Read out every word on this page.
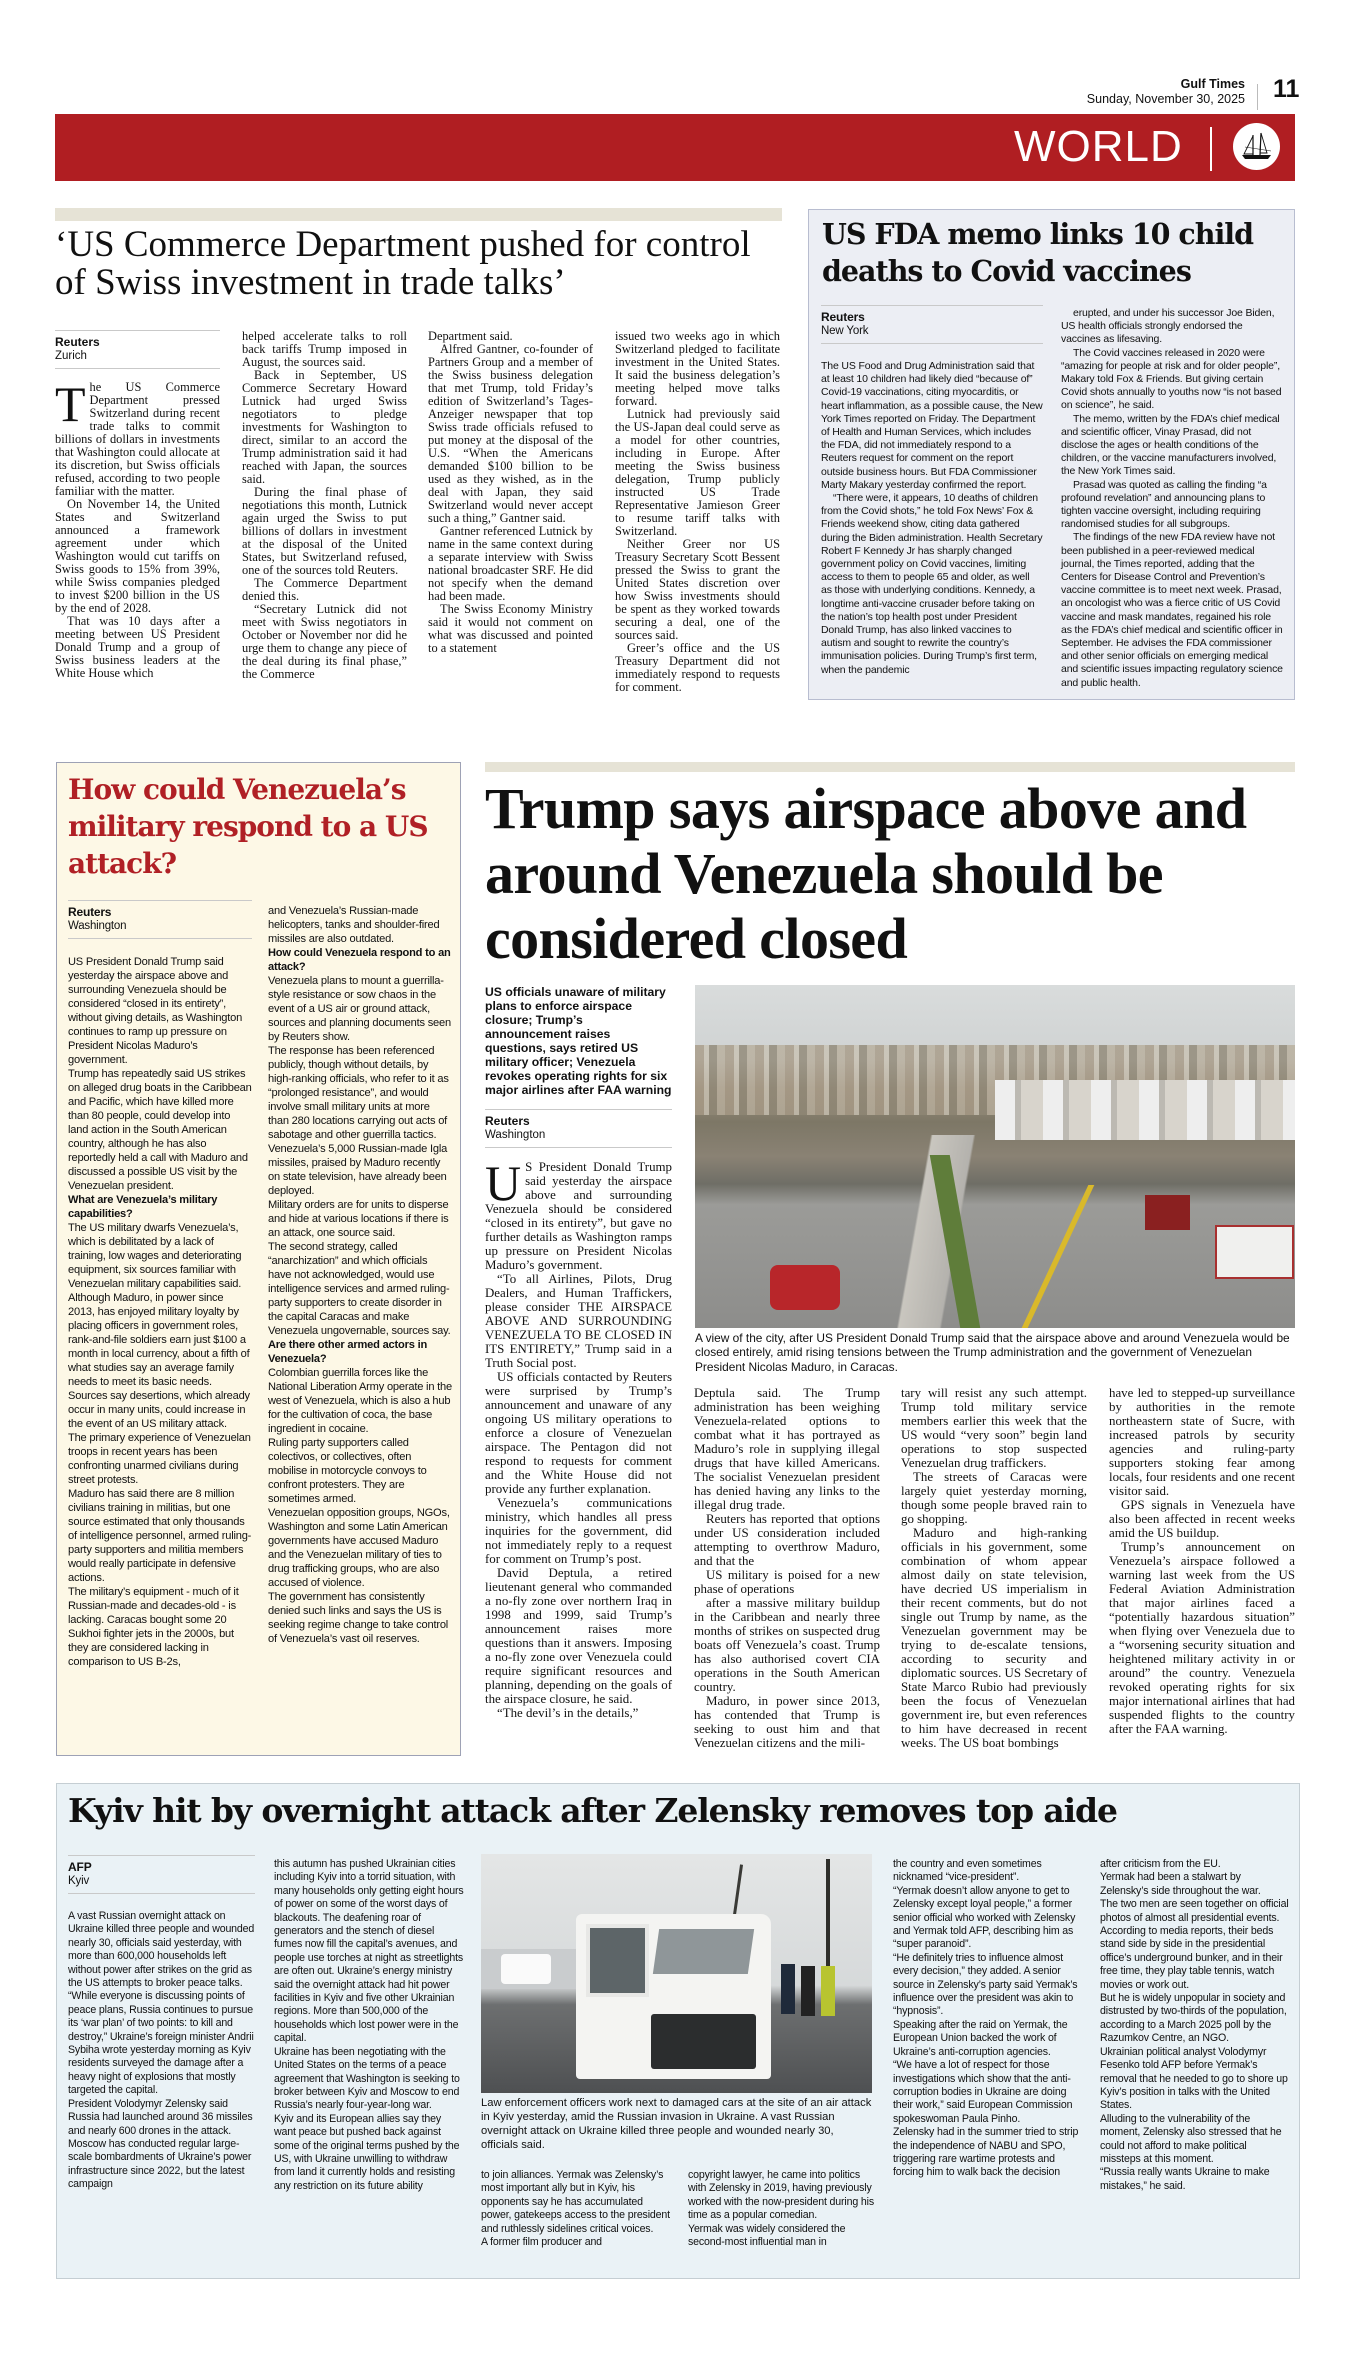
Gulf Times
Sunday, November 30, 2025 11
WORLD
‘US Commerce Department pushed for control of Swiss investment in trade talks’
Reuters
Zurich

The US Commerce Department pressed Switzerland during recent trade talks to commit billions of dollars in investments that Washington could allocate at its discretion, but Swiss officials refused, according to two people familiar with the matter.

On November 14, the United States and Switzerland announced a framework agreement under which Washington would cut tariffs on Swiss goods to 15% from 39%, while Swiss companies pledged to invest $200 billion in the US by the end of 2028.

That was 10 days after a meeting between US President Donald Trump and a group of Swiss business leaders at the White House which

helped accelerate talks to roll back tariffs Trump imposed in August, the sources said.

Back in September, US Commerce Secretary Howard Lutnick had urged Swiss negotiators to pledge investments for Washington to direct, similar to an accord the Trump administration said it had reached with Japan, the sources said.

During the final phase of negotiations this month, Lutnick again urged the Swiss to put billions of dollars in investment at the disposal of the United States, but Switzerland refused, one of the sources told Reuters.

The Commerce Department denied this.

“Secretary Lutnick did not meet with Swiss negotiators in October or November nor did he urge them to change any piece of the deal during its final phase,” the Commerce

Department said.

Alfred Gantner, co-founder of Partners Group and a member of the Swiss business delegation that met Trump, told Friday’s edition of Switzerland’s Tages-Anzeiger newspaper that top Swiss trade officials refused to put money at the disposal of the U.S. “When the Americans demanded $100 billion to be used as they wished, as in the deal with Japan, they said Switzerland would never accept such a thing,” Gantner said.

Gantner referenced Lutnick by name in the same context during a separate interview with Swiss national broadcaster SRF. He did not specify when the demand had been made.

The Swiss Economy Ministry said it would not comment on what was discussed and pointed to a statement

issued two weeks ago in which Switzerland pledged to facilitate investment in the United States. It said the business delegation’s meeting helped move talks forward.

Lutnick had previously said the US-Japan deal could serve as a model for other countries, including in Europe. After meeting the Swiss business delegation, Trump publicly instructed US Trade Representative Jamieson Greer to resume tariff talks with Switzerland.

Neither Greer nor US Treasury Secretary Scott Bessent pressed the Swiss to grant the United States discretion over how Swiss investments should be spent as they worked towards securing a deal, one of the sources said.

Greer’s office and the US Treasury Department did not immediately respond to requests for comment.

US FDA memo links 10 child deaths to Covid vaccines
Reuters
New York

The US Food and Drug Administration said that at least 10 children had likely died “because of” Covid-19 vaccinations, citing myocarditis, or heart inflammation, as a possible cause, the New York Times reported on Friday. The Department of Health and Human Services, which includes the FDA, did not immediately respond to a Reuters request for comment on the report outside business hours. But FDA Commissioner Marty Makary yesterday confirmed the report.

“There were, it appears, 10 deaths of children from the Covid shots,” he told Fox News’ Fox & Friends weekend show, citing data gathered during the Biden administration. Health Secretary Robert F Kennedy Jr has sharply changed government policy on Covid vaccines, limiting access to them to people 65 and older, as well as those with underlying conditions. Kennedy, a longtime anti-vaccine crusader before taking on the nation’s top health post under President Donald Trump, has also linked vaccines to autism and sought to rewrite the country’s immunisation policies. During Trump’s first term, when the pandemic

erupted, and under his successor Joe Biden, US health officials strongly endorsed the vaccines as lifesaving.

The Covid vaccines released in 2020 were “amazing for people at risk and for older people”, Makary told Fox & Friends. But giving certain Covid shots annually to youths now “is not based on science”, he said.

The memo, written by the FDA’s chief medical and scientific officer, Vinay Prasad, did not disclose the ages or health conditions of the children, or the vaccine manufacturers involved, the New York Times said.

Prasad was quoted as calling the finding “a profound revelation” and announcing plans to tighten vaccine oversight, including requiring randomised studies for all subgroups.

The findings of the new FDA review have not been published in a peer-reviewed medical journal, the Times reported, adding that the Centers for Disease Control and Prevention’s vaccine committee is to meet next week. Prasad, an oncologist who was a fierce critic of US Covid vaccine and mask mandates, regained his role as the FDA’s chief medical and scientific officer in September. He advises the FDA commissioner and other senior officials on emerging medical and scientific issues impacting regulatory science and public health.

How could Venezuela’s military respond to a US attack?
Reuters
Washington

US President Donald Trump said yesterday the airspace above and surrounding Venezuela should be considered “closed in its entirety”, without giving details, as Washington continues to ramp up pressure on President Nicolas Maduro’s government.

Trump has repeatedly said US strikes on alleged drug boats in the Caribbean and Pacific, which have killed more than 80 people, could develop into land action in the South American country, although he has also reportedly held a call with Maduro and discussed a possible US visit by the Venezuelan president.

What are Venezuela’s military capabilities?

The US military dwarfs Venezuela’s, which is debilitated by a lack of training, low wages and deteriorating equipment, six sources familiar with Venezuelan military capabilities said.

Although Maduro, in power since 2013, has enjoyed military loyalty by placing officers in government roles, rank-and-file soldiers earn just $100 a month in local currency, about a fifth of what studies say an average family needs to meet its basic needs.

Sources say desertions, which already occur in many units, could increase in the event of an US military attack.

The primary experience of Venezuelan troops in recent years has been confronting unarmed civilians during street protests.

Maduro has said there are 8 million civilians training in militias, but one source estimated that only thousands of intelligence personnel, armed ruling-party supporters and militia members would really participate in defensive actions.

The military’s equipment - much of it Russian-made and decades-old - is lacking. Caracas bought some 20 Sukhoi fighter jets in the 2000s, but they are considered lacking in comparison to US B-2s,

and Venezuela’s Russian-made helicopters, tanks and shoulder-fired missiles are also outdated.

How could Venezuela respond to an attack?

Venezuela plans to mount a guerrilla-style resistance or sow chaos in the event of a US air or ground attack, sources and planning documents seen by Reuters show.

The response has been referenced publicly, though without details, by high-ranking officials, who refer to it as “prolonged resistance”, and would involve small military units at more than 280 locations carrying out acts of sabotage and other guerrilla tactics.

Venezuela’s 5,000 Russian-made Igla missiles, praised by Maduro recently on state television, have already been deployed.

Military orders are for units to disperse and hide at various locations if there is an attack, one source said.

The second strategy, called “anarchization” and which officials have not acknowledged, would use intelligence services and armed ruling-party supporters to create disorder in the capital Caracas and make Venezuela ungovernable, sources say.

Are there other armed actors in Venezuela?

Colombian guerrilla forces like the National Liberation Army operate in the west of Venezuela, which is also a hub for the cultivation of coca, the base ingredient in cocaine.

Ruling party supporters called colectivos, or collectives, often mobilise in motorcycle convoys to confront protesters. They are sometimes armed.

Venezuelan opposition groups, NGOs, Washington and some Latin American governments have accused Maduro and the Venezuelan military of ties to drug trafficking groups, who are also accused of violence.

The government has consistently denied such links and says the US is seeking regime change to take control of Venezuela’s vast oil reserves.

Trump says airspace above and around Venezuela should be considered closed
US officials unaware of military plans to enforce airspace closure; Trump’s announcement raises questions, says retired US military officer; Venezuela revokes operating rights for six major airlines after FAA warning
Reuters
Washington

US President Donald Trump said yesterday the airspace above and surrounding Venezuela should be considered “closed in its entirety”, but gave no further details as Washington ramps up pressure on President Nicolas Maduro’s government.

“To all Airlines, Pilots, Drug Dealers, and Human Traffickers, please consider THE AIRSPACE ABOVE AND SURROUNDING VENEZUELA TO BE CLOSED IN ITS ENTIRETY,” Trump said in a Truth Social post.

US officials contacted by Reuters were surprised by Trump’s announcement and unaware of any ongoing US military operations to enforce a closure of Venezuelan airspace. The Pentagon did not respond to requests for comment and the White House did not provide any further explanation.

Venezuela’s communications ministry, which handles all press inquiries for the government, did not immediately reply to a request for comment on Trump’s post.

David Deptula, a retired lieutenant general who commanded a no-fly zone over northern Iraq in 1998 and 1999, said Trump’s announcement raises more questions than it answers. Imposing a no-fly zone over Venezuela could require significant resources and planning, depending on the goals of the airspace closure, he said.

“The devil’s in the details,”

A view of the city, after US President Donald Trump said that the airspace above and around Venezuela would be closed entirely, amid rising tensions between the Trump administration and the government of Venezuelan President Nicolas Maduro, in Caracas.

Deptula said. The Trump administration has been weighing Venezuela-related options to combat what it has portrayed as Maduro’s role in supplying illegal drugs that have killed Americans. The socialist Venezuelan president has denied having any links to the illegal drug trade.

Reuters has reported that options under US consideration included attempting to overthrow Maduro, and that the

US military is poised for a new phase of operations

after a massive military buildup in the Caribbean and nearly three months of strikes on suspected drug boats off Venezuela’s coast. Trump has also authorised covert CIA operations in the South American country.

Maduro, in power since 2013, has contended that Trump is seeking to oust him and that Venezuelan citizens and the mili-

tary will resist any such attempt. Trump told military service members earlier this week that the US would “very soon” begin land operations to stop suspected Venezuelan drug traffickers.

The streets of Caracas were largely quiet yesterday morning, though some people braved rain to go shopping.

Maduro and high-ranking officials in his government, some combination of whom appear almost daily on state television, have decried US imperialism in their recent comments, but do not single out Trump by name, as the Venezuelan government may be trying to de-escalate tensions, according to security and diplomatic sources. US Secretary of State Marco Rubio had previously been the focus of Venezuelan government ire, but even references to him have decreased in recent weeks. The US boat bombings

have led to stepped-up surveillance by authorities in the remote northeastern state of Sucre, with increased patrols by security agencies and ruling-party supporters stoking fear among locals, four residents and one recent visitor said.

GPS signals in Venezuela have also been affected in recent weeks amid the US buildup.

Trump’s announcement on Venezuela’s airspace followed a warning last week from the US Federal Aviation Administration that major airlines faced a “potentially hazardous situation” when flying over Venezuela due to a “worsening security situation and heightened military activity in or around” the country. Venezuela revoked operating rights for six major international airlines that had suspended flights to the country after the FAA warning.

Kyiv hit by overnight attack after Zelensky removes top aide
AFP
Kyiv

A vast Russian overnight attack on Ukraine killed three people and wounded nearly 30, officials said yesterday, with more than 600,000 households left without power after strikes on the grid as the US attempts to broker peace talks. “While everyone is discussing points of peace plans, Russia continues to pursue its ‘war plan’ of two points: to kill and destroy,” Ukraine’s foreign minister Andrii Sybiha wrote yesterday morning as Kyiv residents surveyed the damage after a heavy night of explosions that mostly targeted the capital.

President Volodymyr Zelensky said Russia had launched around 36 missiles and nearly 600 drones in the attack.

Moscow has conducted regular large-scale bombardments of Ukraine’s power infrastructure since 2022, but the latest campaign

this autumn has pushed Ukrainian cities including Kyiv into a torrid situation, with many households only getting eight hours of power on some of the worst days of blackouts. The deafening roar of generators and the stench of diesel fumes now fill the capital’s avenues, and people use torches at night as streetlights are often out. Ukraine’s energy ministry said the overnight attack had hit power facilities in Kyiv and five other Ukrainian regions. More than 500,000 of the households which lost power were in the capital.

Ukraine has been negotiating with the United States on the terms of a peace agreement that Washington is seeking to broker between Kyiv and Moscow to end Russia’s nearly four-year-long war.

Kyiv and its European allies say they want peace but pushed back against some of the original terms pushed by the US, with Ukraine unwilling to withdraw from land it currently holds and resisting any restriction on its future ability

Law enforcement officers work next to damaged cars at the site of an air attack in Kyiv yesterday, amid the Russian invasion in Ukraine. A vast Russian overnight attack on Ukraine killed three people and wounded nearly 30, officials said.

to join alliances. Yermak was Zelensky’s most important ally but in Kyiv, his opponents say he has accumulated power, gatekeeps access to the president and ruthlessly sidelines critical voices.

A former film producer and

copyright lawyer, he came into politics with Zelensky in 2019, having previously worked with the now-president during his time as a popular comedian.

Yermak was widely considered the second-most influential man in

the country and even sometimes nicknamed “vice-president”.

“Yermak doesn’t allow anyone to get to Zelensky except loyal people,” a former senior official who worked with Zelensky and Yermak told AFP, describing him as “super paranoid”.

“He definitely tries to influence almost every decision,” they added. A senior source in Zelensky’s party said Yermak’s influence over the president was akin to “hypnosis”.

Speaking after the raid on Yermak, the European Union backed the work of Ukraine’s anti-corruption agencies.

“We have a lot of respect for those investigations which show that the anti-corruption bodies in Ukraine are doing their work,” said European Commission spokeswoman Paula Pinho.

Zelensky had in the summer tried to strip the independence of NABU and SPO, triggering rare wartime protests and forcing him to walk back the decision

after criticism from the EU.

Yermak had been a stalwart by Zelensky’s side throughout the war.

The two men are seen together on official photos of almost all presidential events.

According to media reports, their beds stand side by side in the presidential office’s underground bunker, and in their free time, they play table tennis, watch movies or work out.

But he is widely unpopular in society and distrusted by two-thirds of the population, according to a March 2025 poll by the Razumkov Centre, an NGO.

Ukrainian political analyst Volodymyr Fesenko told AFP before Yermak’s removal that he needed to go to shore up Kyiv’s position in talks with the United States.

Alluding to the vulnerability of the moment, Zelensky also stressed that he could not afford to make political missteps at this moment.

“Russia really wants Ukraine to make mistakes,” he said.
